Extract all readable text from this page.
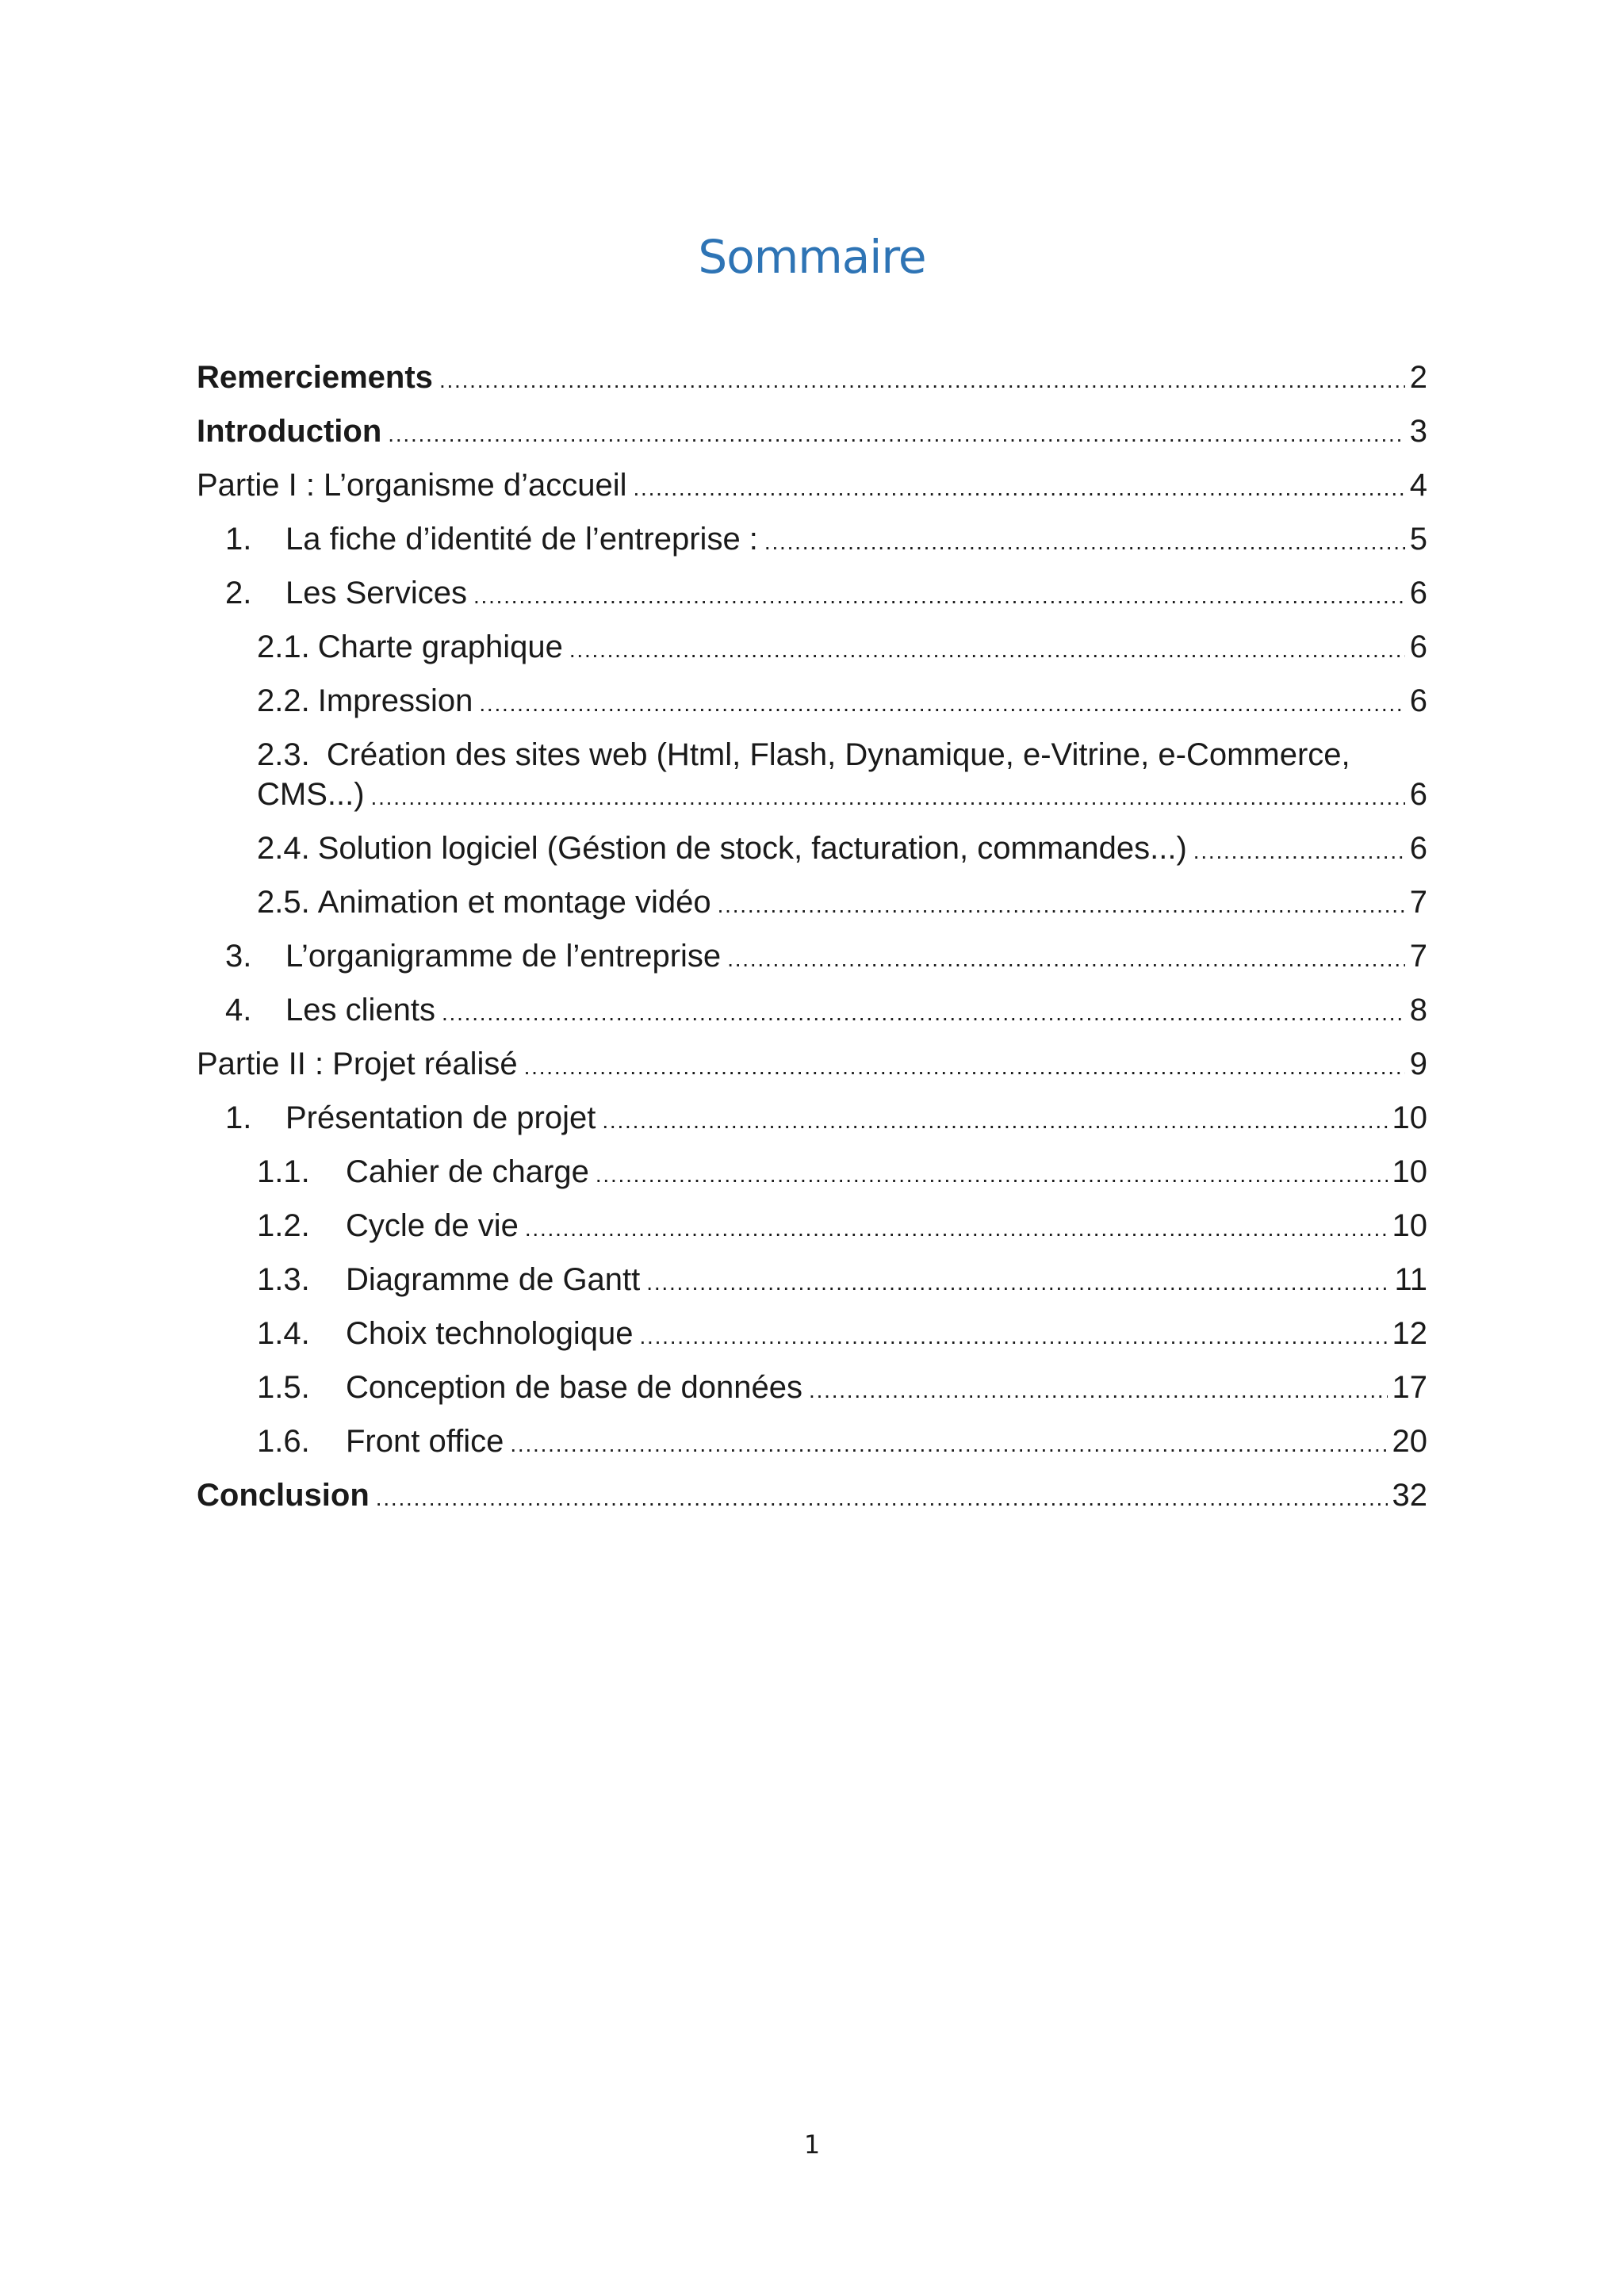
Sommaire
Remerciements . . .	2
Introduction . . .	3
Partie I : L’organisme d’accueil . . .	4
1.	La fiche d’identité de l’entreprise : . . .	5
2.	Les Services . . .	6
2.1. Charte graphique . . .	6
2.2. Impression . . .	6
2.3. Création des sites web (Html, Flash, Dynamique, e-Vitrine, e-Commerce,
CMS...) . . .	6
2.4. Solution logiciel (Géstion de stock, facturation, commandes...) . . .	6
2.5. Animation et montage vidéo . . .	7
3.	L’organigramme de l’entreprise . . .	7
4.	Les clients . . .	8
Partie II : Projet réalisé . . .	9
1.	Présentation de projet . . .	10
1.1.	Cahier de charge . . .	10
1.2.	Cycle de vie . . .	10
1.3.	Diagramme de Gantt . . .	11
1.4.	Choix technologique . . .	12
1.5.	Conception de base de données . . .	17
1.6.	Front office . . .	20
Conclusion . . .	32
1
